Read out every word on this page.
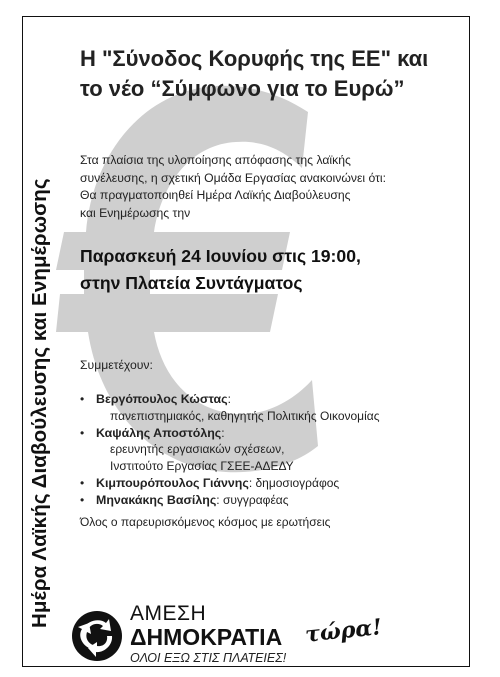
Ημέρα Λαϊκής Διαβούλευσης και Ενημέρωσης
Η "Σύνοδος Κορυφής της ΕΕ" και
το νέο “Σύμφωνο για το Ευρώ”
Στα πλαίσια της υλοποίησης απόφασης της λαϊκής
συνέλευσης, η σχετική Ομάδα Εργασίας ανακοινώνει ότι:
Θα πραγματοποιηθεί Ημέρα Λαϊκής Διαβούλευσης
και Ενημέρωσης την
Παρασκευή 24 Ιουνίου στις 19:00,
στην Πλατεία Συντάγματος
Συμμετέχουν:
• Βεργόπουλος Κώστας:
πανεπιστημιακός, καθηγητής Πολιτικής Οικονομίας
• Καψάλης Αποστόλης:
ερευνητής εργασιακών σχέσεων,
Ινστιτούτο Εργασίας ΓΣΕΕ-ΑΔΕΔΥ
• Κιμπουρόπουλος Γιάννης: δημοσιογράφος
• Μηνακάκης Βασίλης: συγγραφέας
Όλος ο παρευρισκόμενος κόσμος με ερωτήσεις
ΑΜΕΣΗ
ΔΗΜΟΚΡΑΤΙΑ τώρα!
ΟΛΟΙ ΕΞΩ ΣΤΙΣ ΠΛΑΤΕΙΕΣ!
